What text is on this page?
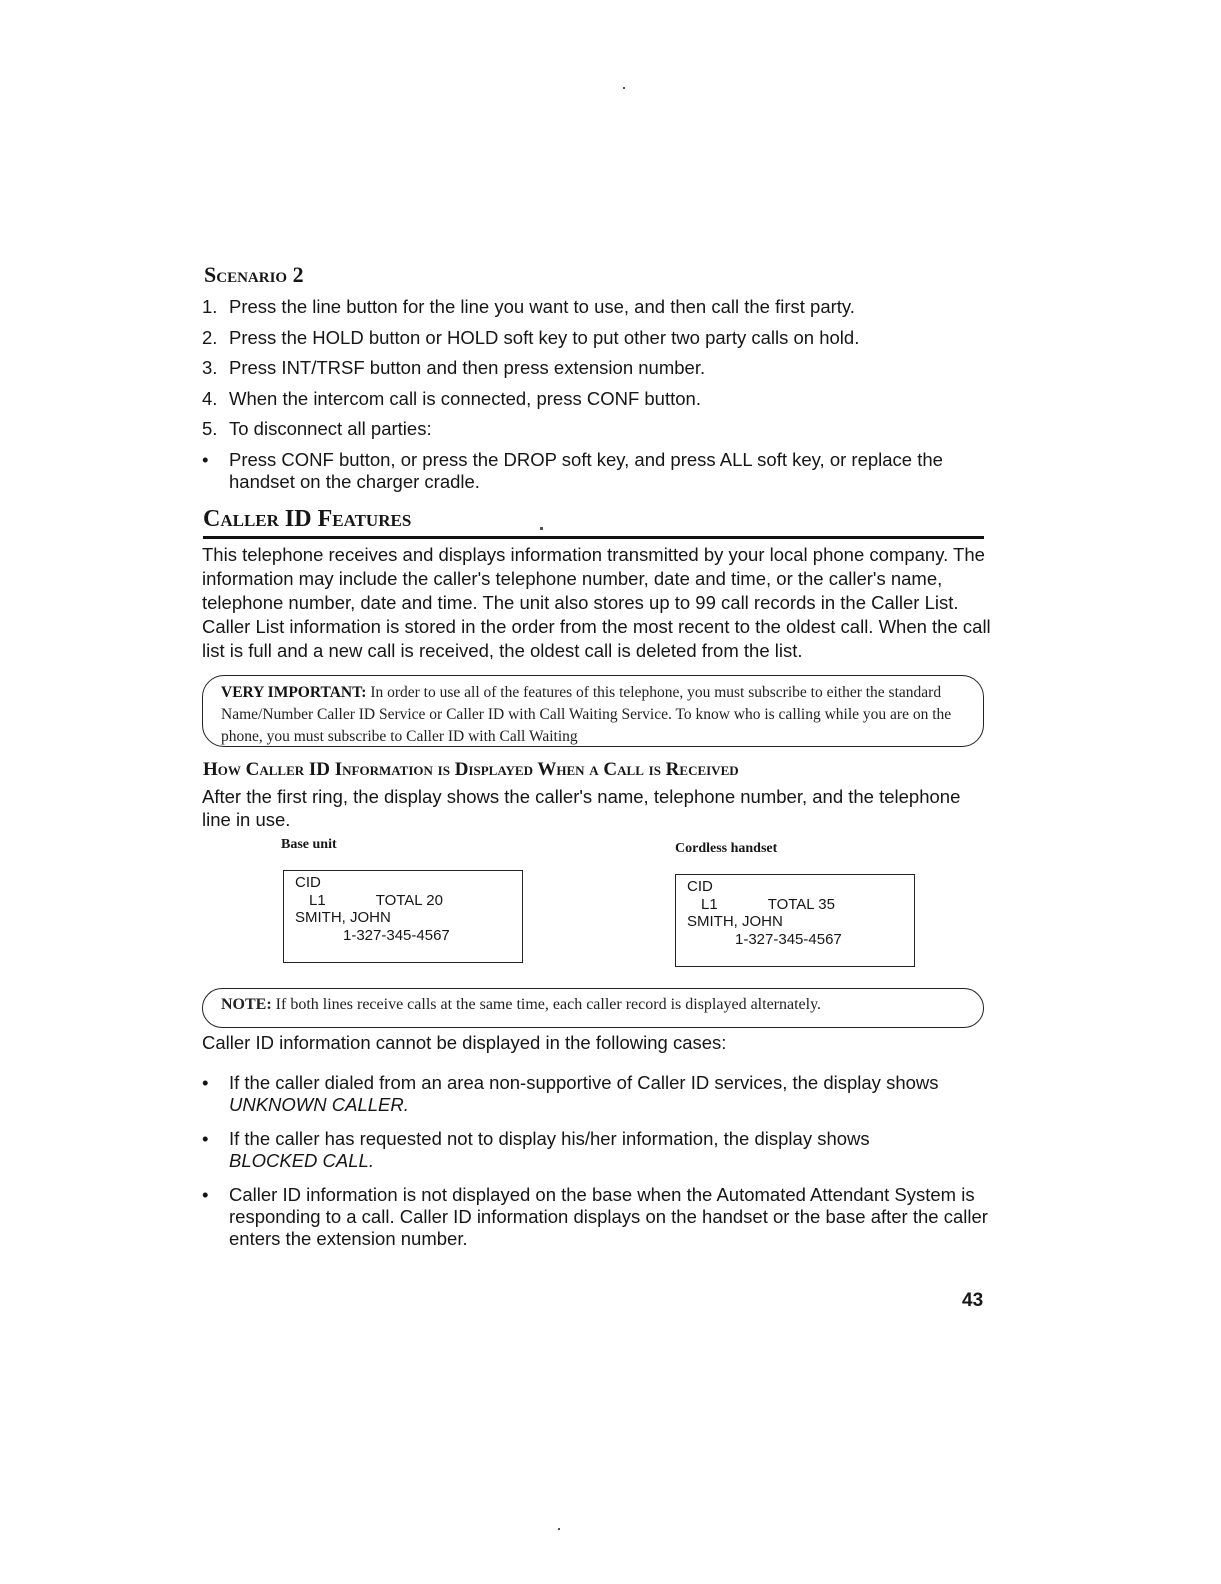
Scenario 2
1. Press the line button for the line you want to use, and then call the first party.
2. Press the HOLD button or HOLD soft key to put other two party calls on hold.
3. Press INT/TRSF button and then press extension number.
4. When the intercom call is connected, press CONF button.
5. To disconnect all parties:
• Press CONF button, or press the DROP soft key, and press ALL soft key, or replace the handset on the charger cradle.
Caller ID Features
This telephone receives and displays information transmitted by your local phone company. The information may include the caller's telephone number, date and time, or the caller's name, telephone number, date and time. The unit also stores up to 99 call records in the Caller List. Caller List information is stored in the order from the most recent to the oldest call. When the call list is full and a new call is received, the oldest call is deleted from the list.
VERY IMPORTANT: In order to use all of the features of this telephone, you must subscribe to either the standard Name/Number Caller ID Service or Caller ID with Call Waiting Service. To know who is calling while you are on the phone, you must subscribe to Caller ID with Call Waiting
How Caller ID Information is Displayed When a Call is Received
After the first ring, the display shows the caller's name, telephone number, and the telephone line in use.
Base unit
CID
L1	TOTAL 20
SMITH, JOHN
1-327-345-4567
Cordless handset
CID
L1	TOTAL 35
SMITH, JOHN
1-327-345-4567
NOTE: If both lines receive calls at the same time, each caller record is displayed alternately.
Caller ID information cannot be displayed in the following cases:
• If the caller dialed from an area non-supportive of Caller ID services, the display shows
UNKNOWN CALLER.
• If the caller has requested not to display his/her information, the display shows
BLOCKED CALL.
• Caller ID information is not displayed on the base when the Automated Attendant System is responding to a call. Caller ID information displays on the handset or the base after the caller enters the extension number.
43
